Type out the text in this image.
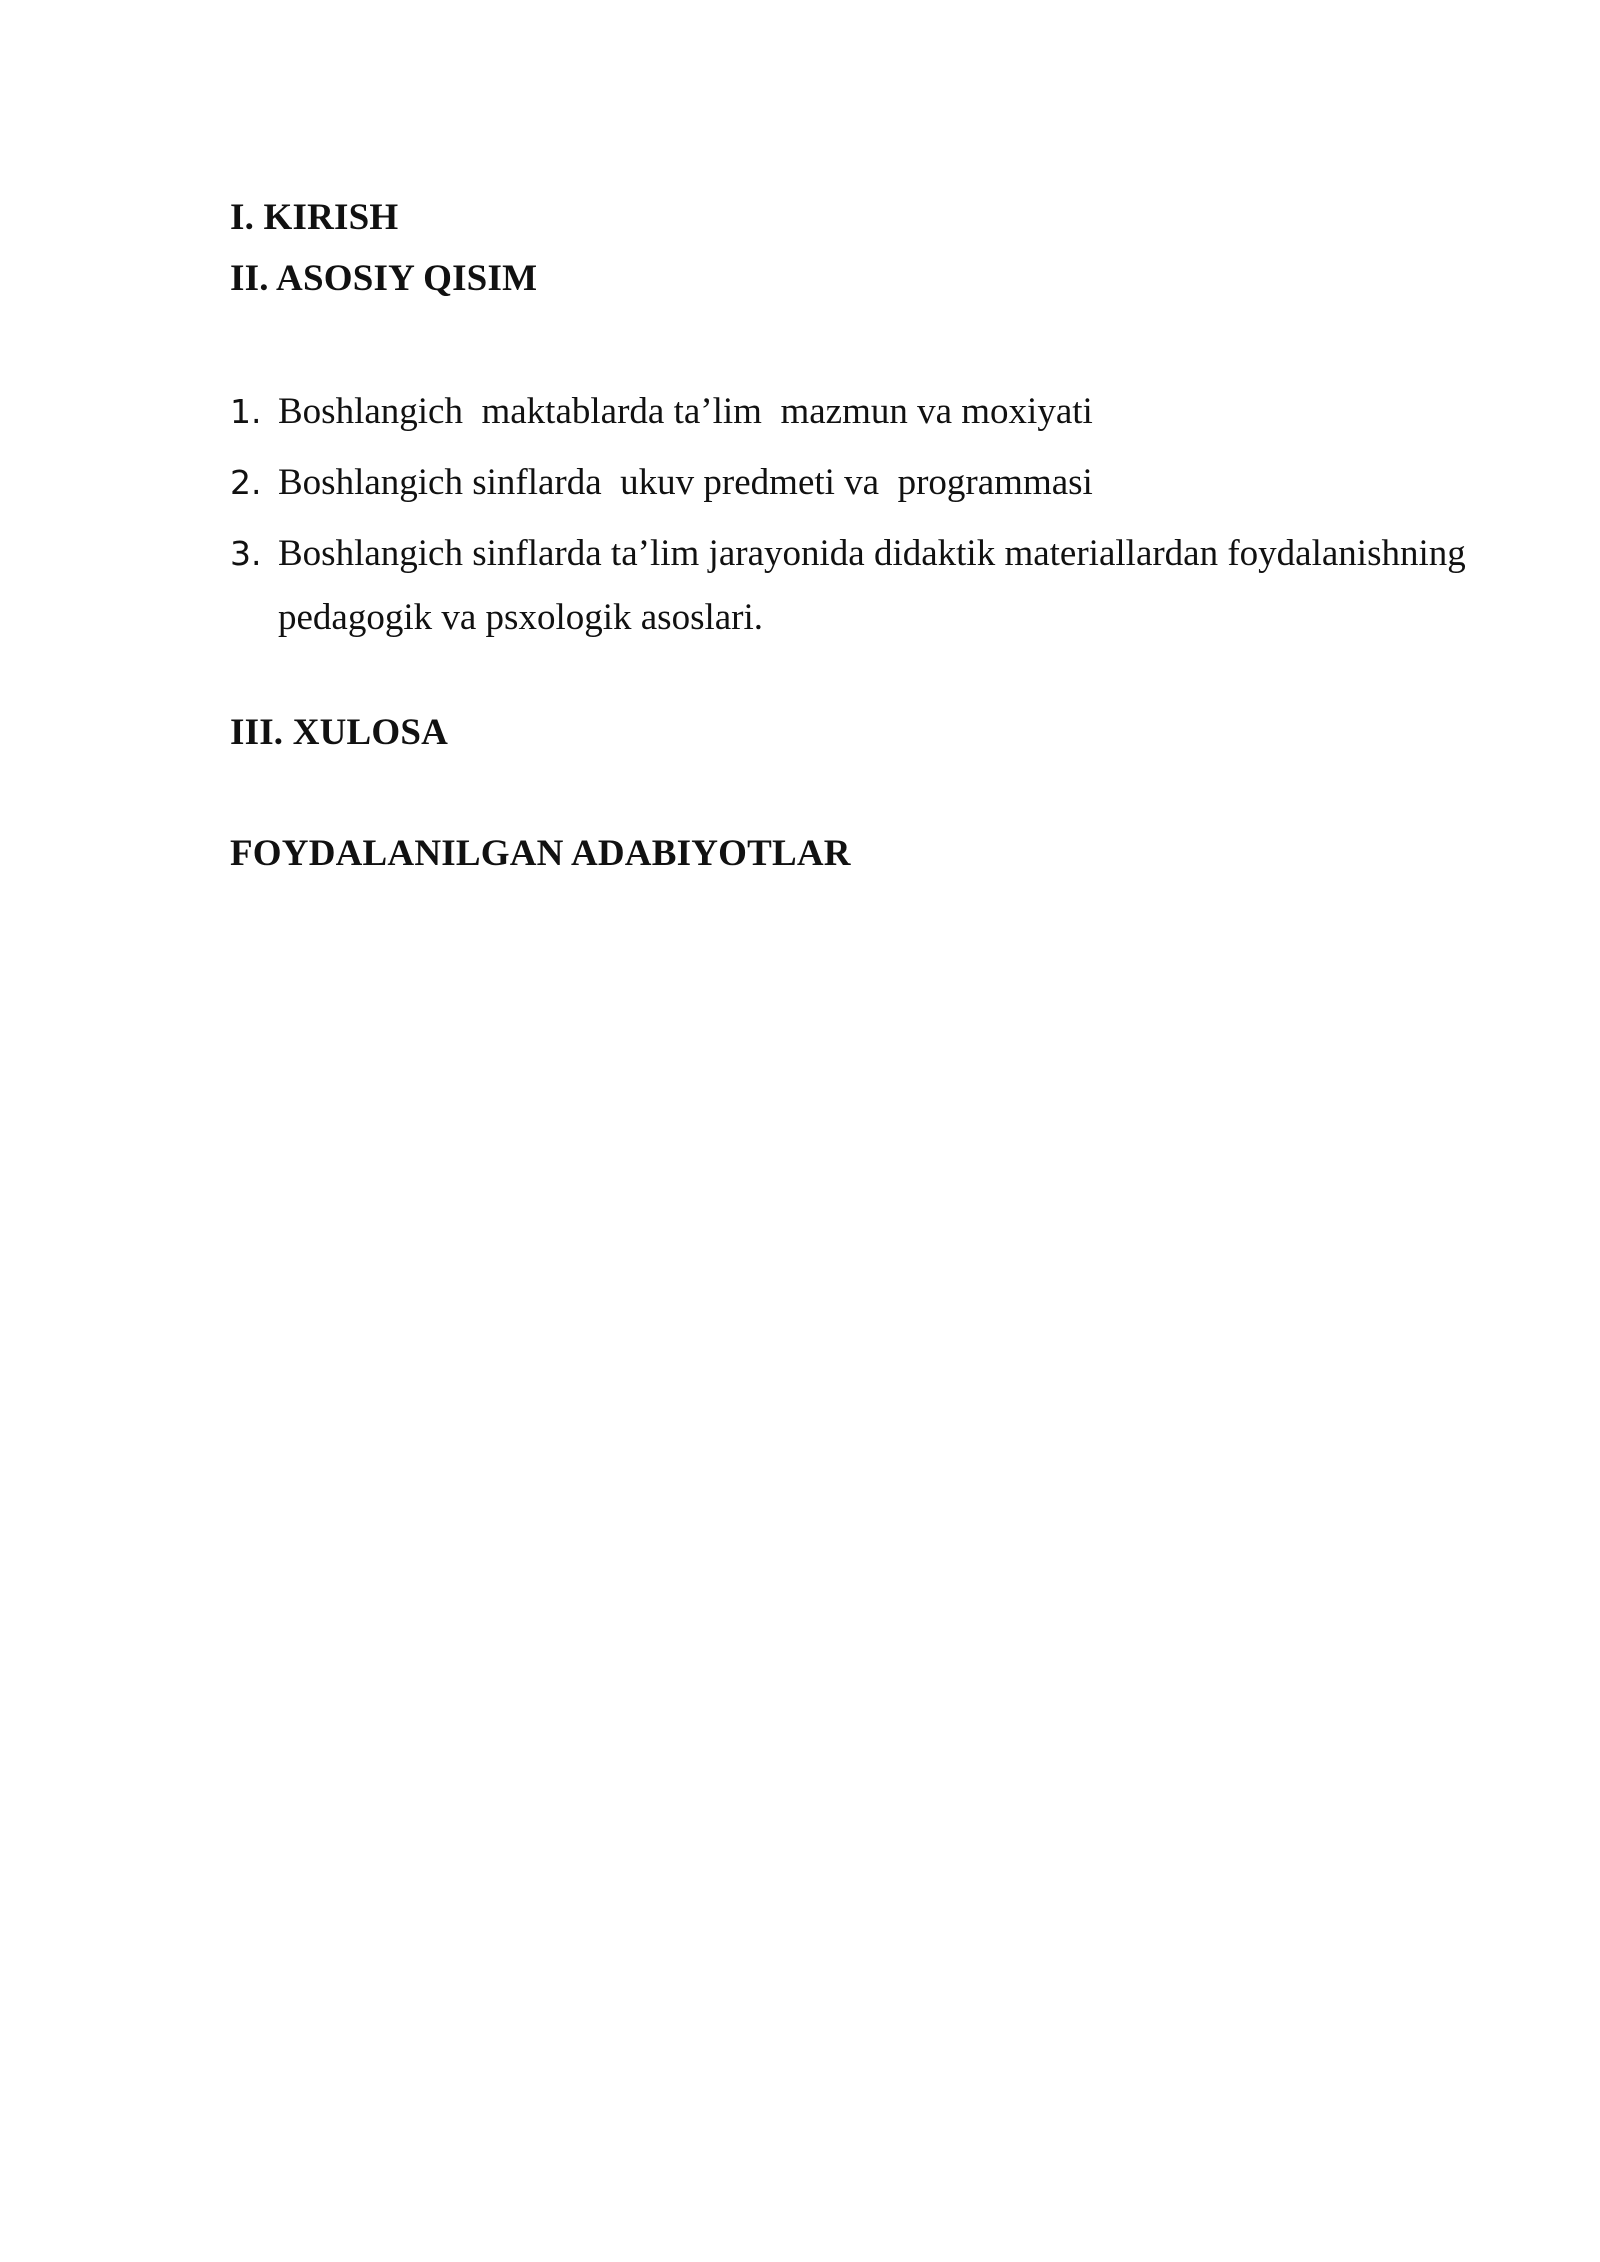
I. KIRISH
II. ASOSIY QISIM
1. Boshlangich  maktablarda ta’lim  mazmun va moxiyati
2. Boshlangich sinflarda  ukuv predmeti va  programmasi
3. Boshlangich sinflarda ta’lim jarayonida didaktik materiallardan foydalanishning pedagogik va psxologik asoslari.
III. XULOSA
FOYDALANILGAN ADABIYOTLAR
